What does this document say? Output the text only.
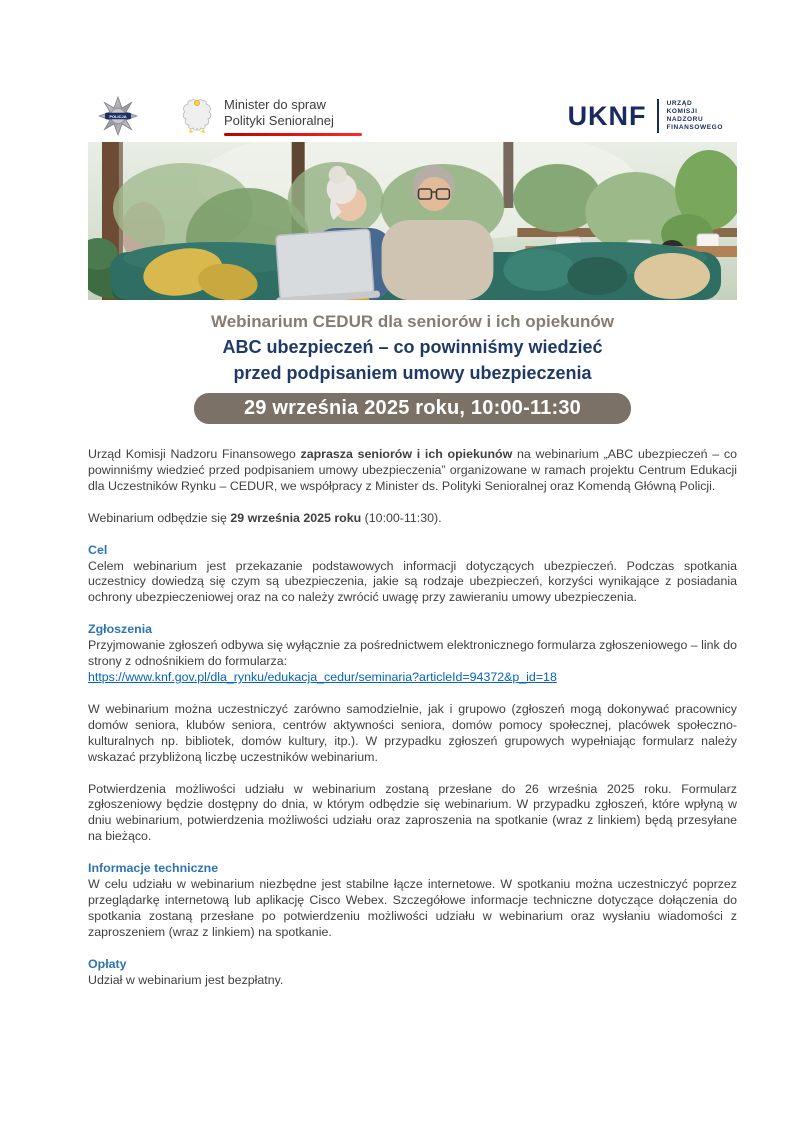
POLICJA
Minister do spraw
Polityki Senioralnej	UKNF	URZĄD
KOMISJI
NADZORU
FINANSOWEGO
Webinarium CEDUR dla seniorów i ich opiekunów
ABC ubezpieczeń – co powinniśmy wiedzieć
przed podpisaniem umowy ubezpieczenia
29 września 2025 roku, 10:00-11:30

Urząd Komisji Nadzoru Finansowego zaprasza seniorów i ich opiekunów na webinarium „ABC ubezpieczeń – co powinniśmy wiedzieć przed podpisaniem umowy ubezpieczenia” organizowane w ramach projektu Centrum Edukacji dla Uczestników Rynku – CEDUR, we współpracy z Minister ds. Polityki Senioralnej oraz Komendą Główną Policji.

Webinarium odbędzie się 29 września 2025 roku (10:00-11:30).

Cel

Celem webinarium jest przekazanie podstawowych informacji dotyczących ubezpieczeń. Podczas spotkania uczestnicy dowiedzą się czym są ubezpieczenia, jakie są rodzaje ubezpieczeń, korzyści wynikające z posiadania ochrony ubezpieczeniowej oraz na co należy zwrócić uwagę przy zawieraniu umowy ubezpieczenia.

Zgłoszenia

Przyjmowanie zgłoszeń odbywa się wyłącznie za pośrednictwem elektronicznego formularza zgłoszeniowego – link do strony z odnośnikiem do formularza:

https://www.knf.gov.pl/dla_rynku/edukacja_cedur/seminaria?articleId=94372&p_id=18

W webinarium można uczestniczyć zarówno samodzielnie, jak i grupowo (zgłoszeń mogą dokonywać pracownicy domów seniora, klubów seniora, centrów aktywności seniora, domów pomocy społecznej, placówek społeczno-kulturalnych np. bibliotek, domów kultury, itp.). W przypadku zgłoszeń grupowych wypełniając formularz należy wskazać przybliżoną liczbę uczestników webinarium.

Potwierdzenia możliwości udziału w webinarium zostaną przesłane do 26 września 2025 roku. Formularz zgłoszeniowy będzie dostępny do dnia, w którym odbędzie się webinarium. W przypadku zgłoszeń, które wpłyną w dniu webinarium, potwierdzenia możliwości udziału oraz zaproszenia na spotkanie (wraz z linkiem) będą przesyłane na bieżąco.

Informacje techniczne

W celu udziału w webinarium niezbędne jest stabilne łącze internetowe. W spotkaniu można uczestniczyć poprzez przeglądarkę internetową lub aplikację Cisco Webex. Szczegółowe informacje techniczne dotyczące dołączenia do spotkania zostaną przesłane po potwierdzeniu możliwości udziału w webinarium oraz wysłaniu wiadomości z zaproszeniem (wraz z linkiem) na spotkanie.

Opłaty

Udział w webinarium jest bezpłatny.
